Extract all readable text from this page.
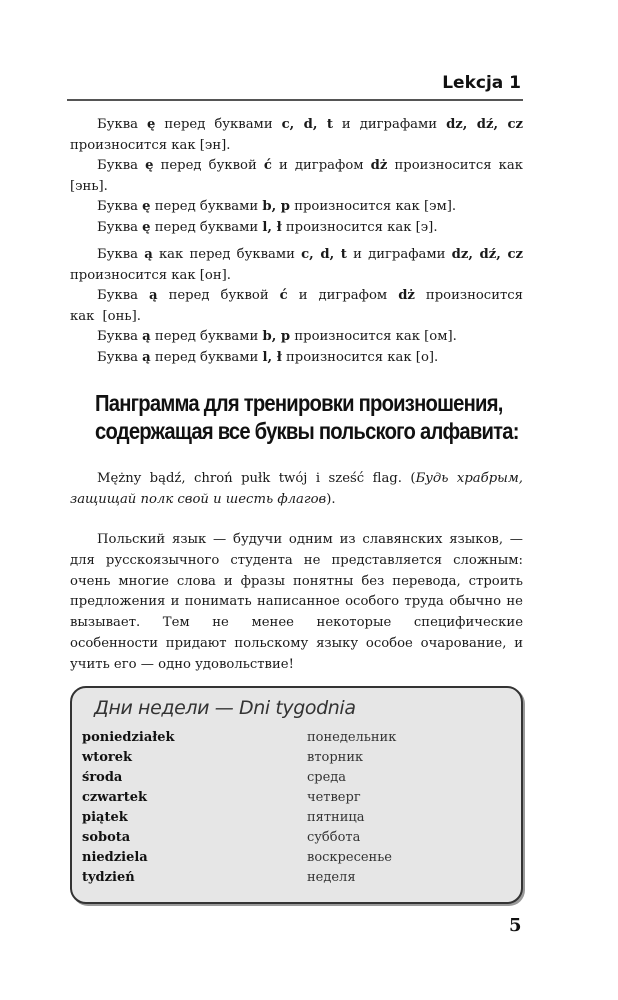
Lekcja 1

Буква ę перед буквами c, d, t и диграфами dz, dź, cz произносится как [эн].

Буква ę перед буквой ć и диграфом dż произносится как [энь].

Буква ę перед буквами b, p произносится как [эм].

Буква ę перед буквами l, ł произносится как [э].

Буква ą как перед буквами c, d, t и диграфами dz, dź, cz произносится как [он].

Буква ą перед буквой ć и диграфом dż произносится как [онь].

Буква ą перед буквами b, p произносится как [ом].

Буква ą перед буквами l, ł произносится как [о].

Панграмма для тренировки произношения, содержащая все буквы польского алфавита:

Mężny bądź, chroń pułk twój i sześć flag. (Будь храбрым, защищай полк свой и шесть флагов).

Польский язык — будучи одним из славянских языков, — для русскоязычного студента не представляется сложным: очень многие слова и фразы понятны без перевода, строить предложения и понимать написанное особого труда обычно не вызывает. Тем не менее некоторые специфические особенности придают польскому языку особое очарование, и учить его — одно удовольствие!

Дни недели — Dni tygodnia
poniedziałek	понедельник
wtorek	вторник
środa	среда
czwartek	четверг
piątek	пятница
sobota	суббота
niedziela	воскресенье
tydzień	неделя
5
